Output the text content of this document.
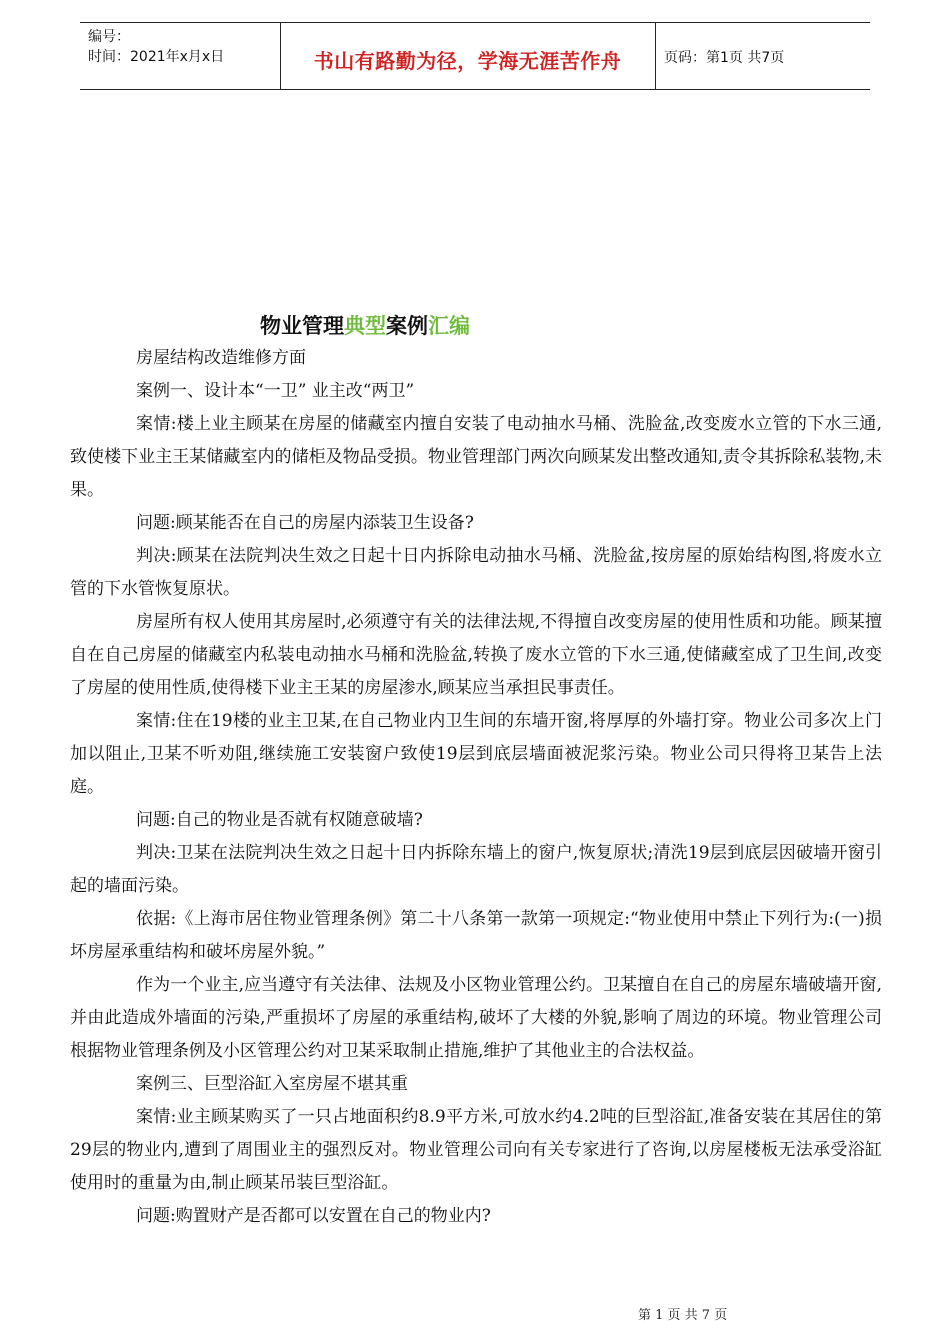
编号：
时间：2021年x月x日	书山有路勤为径，学海无涯苦作舟	页码：第1页 共7页
物业管理典型案例汇编

房屋结构改造维修方面

案例一、设计本“一卫” 业主改“两卫”

案情:楼上业主顾某在房屋的储藏室内擅自安装了电动抽水马桶、洗脸盆,改变废水立管的下水三通,致使楼下业主王某储藏室内的储柜及物品受损。物业管理部门两次向顾某发出整改通知,责令其拆除私装物,未果。

问题:顾某能否在自己的房屋内添装卫生设备?

判决:顾某在法院判决生效之日起十日内拆除电动抽水马桶、洗脸盆,按房屋的原始结构图,将废水立管的下水管恢复原状。

房屋所有权人使用其房屋时,必须遵守有关的法律法规,不得擅自改变房屋的使用性质和功能。顾某擅自在自己房屋的储藏室内私装电动抽水马桶和洗脸盆,转换了废水立管的下水三通,使储藏室成了卫生间,改变了房屋的使用性质,使得楼下业主王某的房屋渗水,顾某应当承担民事责任。

案情:住在19楼的业主卫某,在自己物业内卫生间的东墙开窗,将厚厚的外墙打穿。物业公司多次上门加以阻止,卫某不听劝阻,继续施工安装窗户致使19层到底层墙面被泥浆污染。物业公司只得将卫某告上法庭。

问题:自己的物业是否就有权随意破墙?

判决:卫某在法院判决生效之日起十日内拆除东墙上的窗户,恢复原状;清洗19层到底层因破墙开窗引起的墙面污染。

依据:《上海市居住物业管理条例》第二十八条第一款第一项规定:“物业使用中禁止下列行为:(一)损坏房屋承重结构和破坏房屋外貌。”

作为一个业主,应当遵守有关法律、法规及小区物业管理公约。卫某擅自在自己的房屋东墙破墙开窗,并由此造成外墙面的污染,严重损坏了房屋的承重结构,破坏了大楼的外貌,影响了周边的环境。物业管理公司根据物业管理条例及小区管理公约对卫某采取制止措施,维护了其他业主的合法权益。

案例三、巨型浴缸入室房屋不堪其重

案情:业主顾某购买了一只占地面积约8.9平方米,可放水约4.2吨的巨型浴缸,准备安装在其居住的第29层的物业内,遭到了周围业主的强烈反对。物业管理公司向有关专家进行了咨询,以房屋楼板无法承受浴缸使用时的重量为由,制止顾某吊装巨型浴缸。

问题:购置财产是否都可以安置在自己的物业内?

第 1 页 共 7 页
